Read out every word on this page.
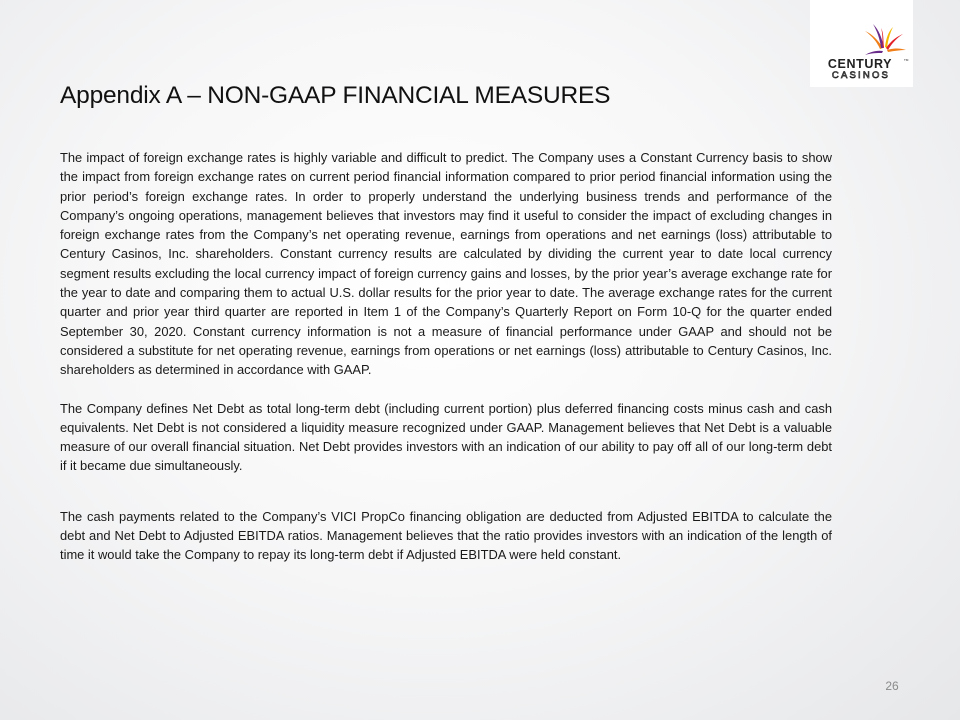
CENTURY	TM
CASINOS
Appendix A – NON-GAAP FINANCIAL MEASURES

The impact of foreign exchange rates is highly variable and difficult to predict. The Company uses a Constant Currency basis to show the impact from foreign exchange rates on current period financial information compared to prior period financial information using the prior period’s foreign exchange rates. In order to properly understand the underlying business trends and performance of the Company’s ongoing operations, management believes that investors may find it useful to consider the impact of excluding changes in foreign exchange rates from the Company’s net operating revenue, earnings from operations and net earnings (loss) attributable to Century Casinos, Inc. shareholders. Constant currency results are calculated by dividing the current year to date local currency segment results excluding the local currency impact of foreign currency gains and losses, by the prior year’s average exchange rate for the year to date and comparing them to actual U.S. dollar results for the prior year to date. The average exchange rates for the current quarter and prior year third quarter are reported in Item 1 of the Company’s Quarterly Report on Form 10-Q for the quarter ended September 30, 2020. Constant currency information is not a measure of financial performance under GAAP and should not be considered a substitute for net operating revenue, earnings from operations or net earnings (loss) attributable to Century Casinos, Inc. shareholders as determined in accordance with GAAP.

The Company defines Net Debt as total long-term debt (including current portion) plus deferred financing costs minus cash and cash equivalents. Net Debt is not considered a liquidity measure recognized under GAAP. Management believes that Net Debt is a valuable measure of our overall financial situation. Net Debt provides investors with an indication of our ability to pay off all of our long-term debt if it became due simultaneously.

The cash payments related to the Company’s VICI PropCo financing obligation are deducted from Adjusted EBITDA to calculate the debt and Net Debt to Adjusted EBITDA ratios. Management believes that the ratio provides investors with an indication of the length of time it would take the Company to repay its long-term debt if Adjusted EBITDA were held constant.

26
